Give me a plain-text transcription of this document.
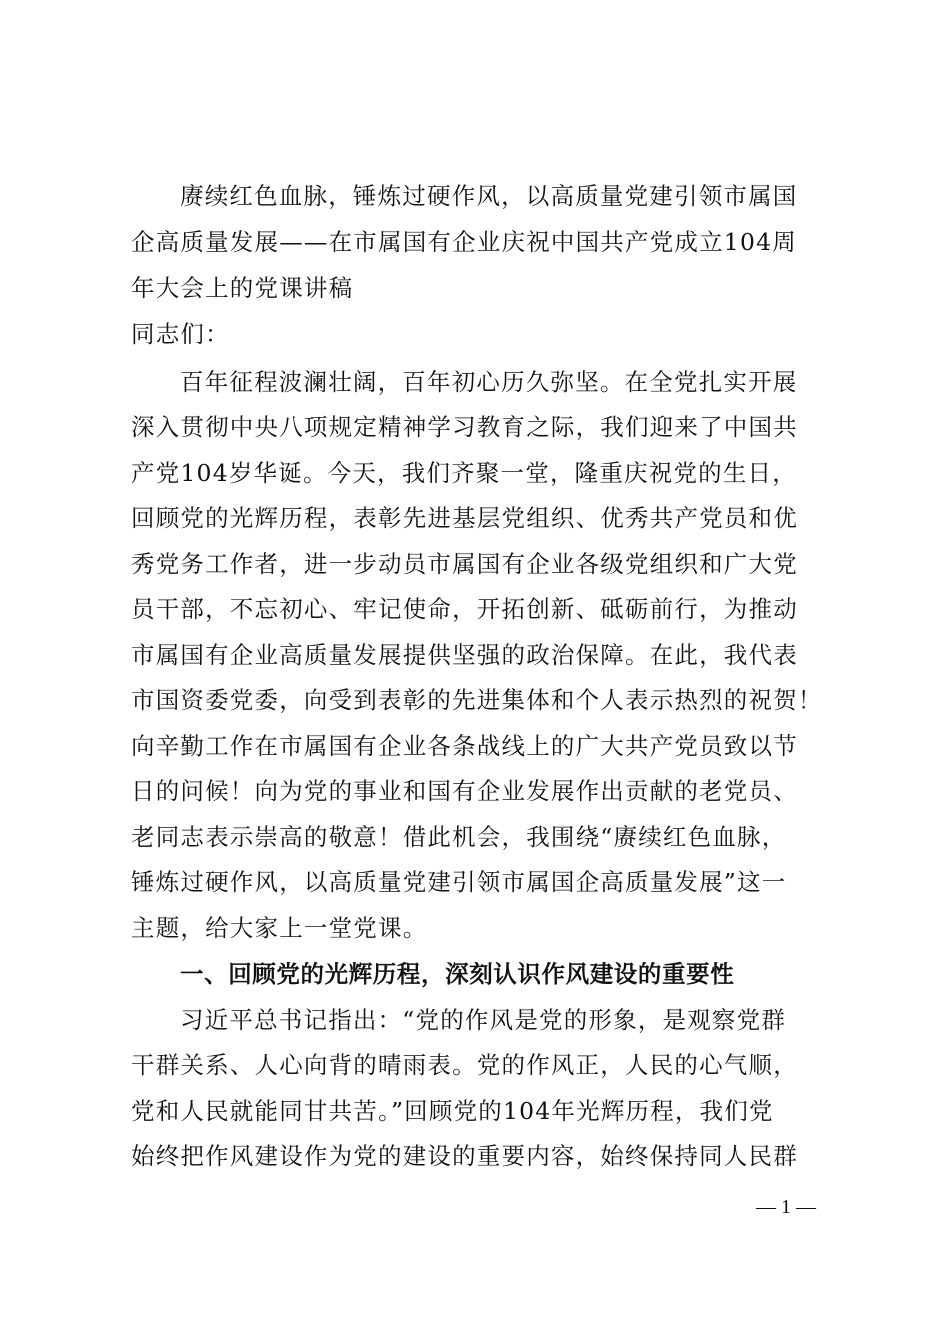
赓续红色血脉，锤炼过硬作风，以高质量党建引领市属国
企高质量发展——在市属国有企业庆祝中国共产党成立104周
年大会上的党课讲稿
同志们：
百年征程波澜壮阔，百年初心历久弥坚。在全党扎实开展
深入贯彻中央八项规定精神学习教育之际，我们迎来了中国共
产党104岁华诞。今天，我们齐聚一堂，隆重庆祝党的生日，
回顾党的光辉历程，表彰先进基层党组织、优秀共产党员和优
秀党务工作者，进一步动员市属国有企业各级党组织和广大党
员干部，不忘初心、牢记使命，开拓创新、砥砺前行，为推动
市属国有企业高质量发展提供坚强的政治保障。在此，我代表
市国资委党委，向受到表彰的先进集体和个人表示热烈的祝贺！
向辛勤工作在市属国有企业各条战线上的广大共产党员致以节
日的问候！向为党的事业和国有企业发展作出贡献的老党员、
老同志表示崇高的敬意！借此机会，我围绕“赓续红色血脉，
锤炼过硬作风，以高质量党建引领市属国企高质量发展”这一
主题，给大家上一堂党课。
一、回顾党的光辉历程，深刻认识作风建设的重要性
习近平总书记指出：“党的作风是党的形象，是观察党群
干群关系、人心向背的晴雨表。党的作风正，人民的心气顺，
党和人民就能同甘共苦。”回顾党的104年光辉历程，我们党
始终把作风建设作为党的建设的重要内容，始终保持同人民群
— 1 —
